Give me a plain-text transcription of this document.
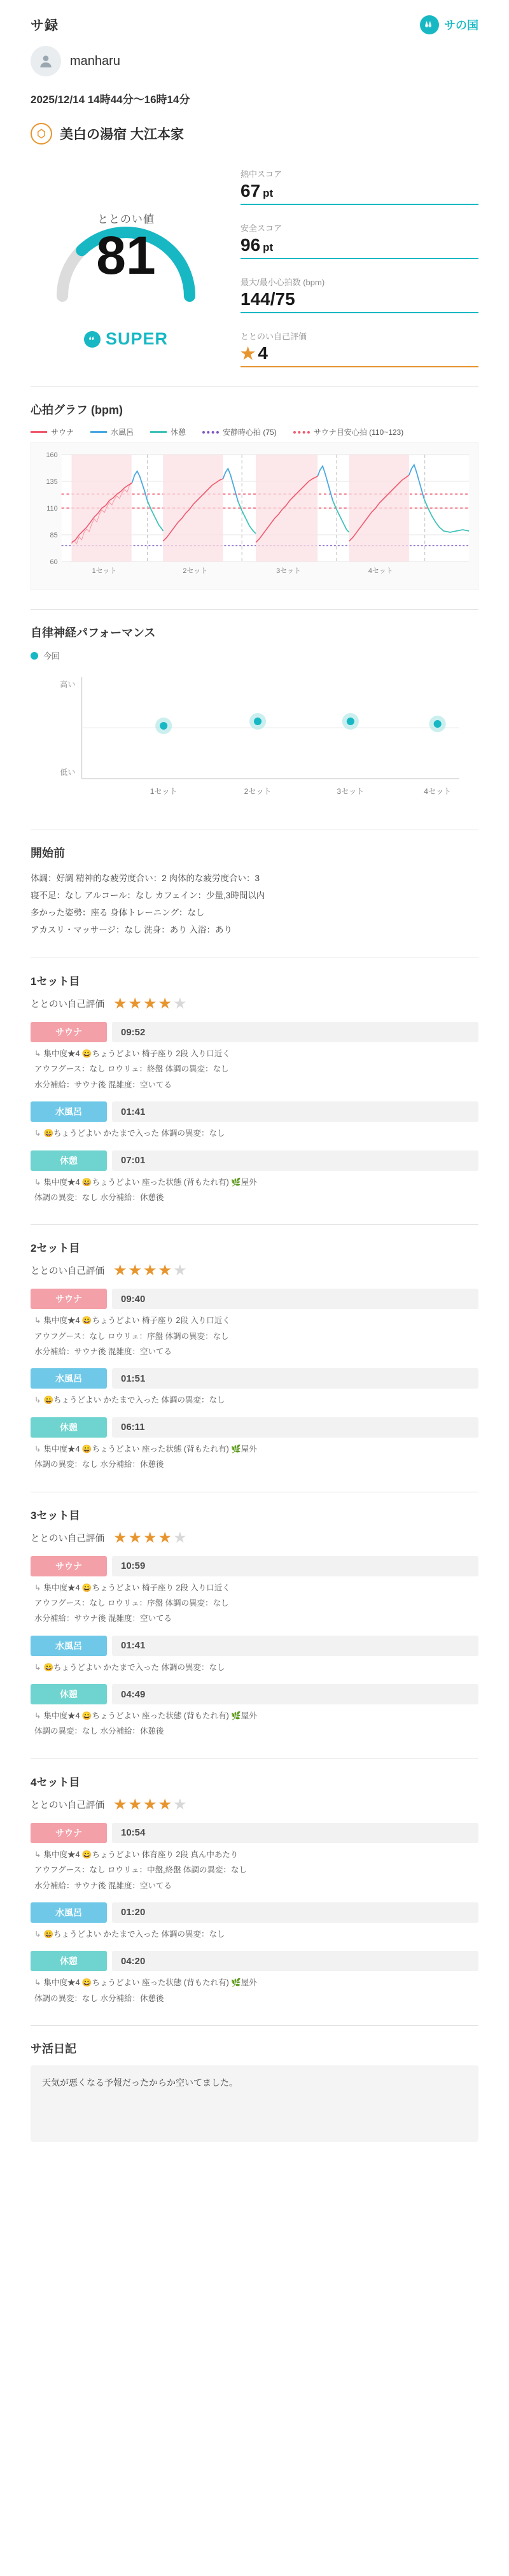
サ録	サの国
manharu
2025/12/14 14時44分～16時14分
美白の湯宿 大江本家
ととのい値
81
SUPER
熱中スコア
67 pt
安全スコア
96 pt
最大/最小心拍数 (bpm)
144/75
ととのい自己評価
★ 4
心拍グラフ (bpm)
サウナ	水風呂	休憩	安静時心拍 (75)	サウナ目安心拍 (110~123)
160
135
110
85
60
1セット	2セット	3セット	4セット
自律神経パフォーマンス
今回
高い
低い
1セット	2セット	3セット	4セット
開始前
体調：好調 精神的な疲労度合い：2 肉体的な疲労度合い：3
寝不足：なし アルコール：なし カフェイン：少量,3時間以内
多かった姿勢：座る 身体トレーニング：なし
アカスリ・マッサージ：なし 洗身：あり 入浴：あり
1セット目
ととのい自己評価 ★★★★★
サウナ	09:52
↳ 集中度★4 😀ちょうどよい 椅子座り 2段 入り口近く
アウフグース：なし ロウリュ：終盤 体調の異変：なし
水分補給：サウナ後 混雑度：空いてる
水風呂	01:41
↳ 😀ちょうどよい かたまで入った 体調の異変：なし
休憩	07:01
↳ 集中度★4 😀ちょうどよい 座った状態 (背もたれ有) 🌿屋外
体調の異変：なし 水分補給：休憩後
2セット目
ととのい自己評価 ★★★★★
サウナ	09:40
↳ 集中度★4 😀ちょうどよい 椅子座り 2段 入り口近く
アウフグース：なし ロウリュ：序盤 体調の異変：なし
水分補給：サウナ後 混雑度：空いてる
水風呂	01:51
↳ 😀ちょうどよい かたまで入った 体調の異変：なし
休憩	06:11
↳ 集中度★4 😀ちょうどよい 座った状態 (背もたれ有) 🌿屋外
体調の異変：なし 水分補給：休憩後
3セット目
ととのい自己評価 ★★★★★
サウナ	10:59
↳ 集中度★4 😀ちょうどよい 椅子座り 2段 入り口近く
アウフグース：なし ロウリュ：序盤 体調の異変：なし
水分補給：サウナ後 混雑度：空いてる
水風呂	01:41
↳ 😀ちょうどよい かたまで入った 体調の異変：なし
休憩	04:49
↳ 集中度★4 😀ちょうどよい 座った状態 (背もたれ有) 🌿屋外
体調の異変：なし 水分補給：休憩後
4セット目
ととのい自己評価 ★★★★★
サウナ	10:54
↳ 集中度★4 😀ちょうどよい 体育座り 2段 真ん中あたり
アウフグース：なし ロウリュ：中盤,終盤 体調の異変：なし
水分補給：サウナ後 混雑度：空いてる
水風呂	01:20
↳ 😀ちょうどよい かたまで入った 体調の異変：なし
休憩	04:20
↳ 集中度★4 😀ちょうどよい 座った状態 (背もたれ有) 🌿屋外
体調の異変：なし 水分補給：休憩後
サ活日記
天気が悪くなる予報だったからか空いてました。
